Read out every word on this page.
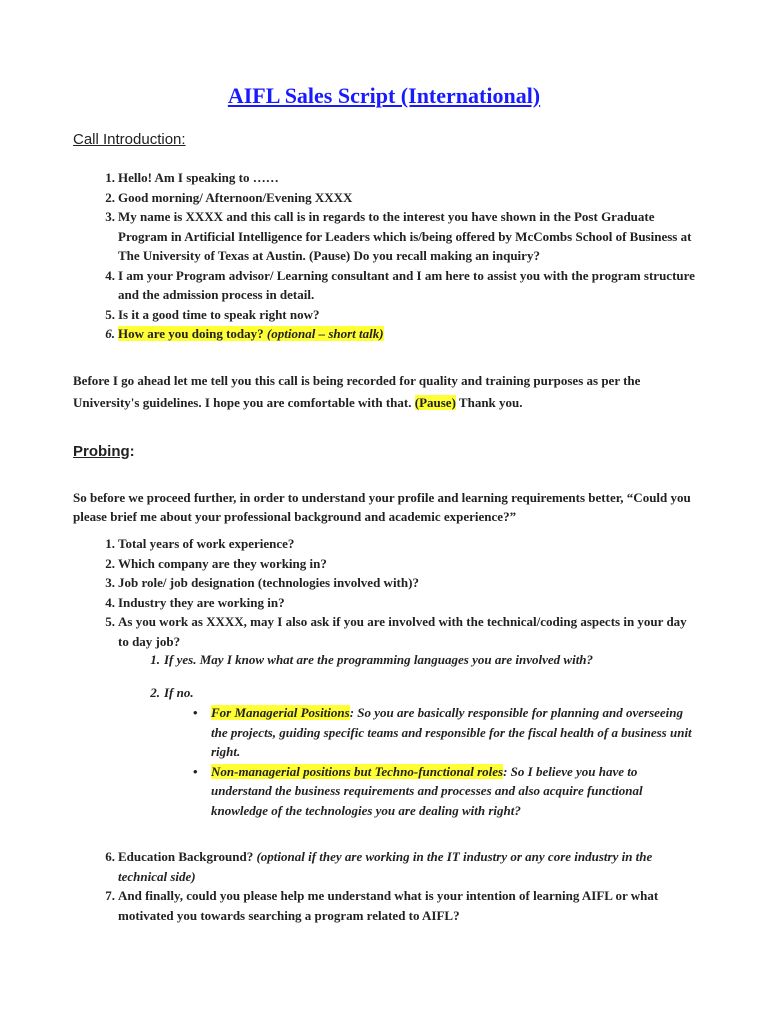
AIFL Sales Script (International)
Call Introduction:
1. Hello! Am I speaking to ……
2. Good morning/ Afternoon/Evening XXXX
3. My name is XXXX and this call is in regards to the interest you have shown in the Post Graduate Program in Artificial Intelligence for Leaders which is/being offered by McCombs School of Business at The University of Texas at Austin. (Pause) Do you recall making an inquiry?
4. I am your Program advisor/ Learning consultant and I am here to assist you with the program structure and the admission process in detail.
5. Is it a good time to speak right now?
6. How are you doing today? (optional – short talk)
Before I go ahead let me tell you this call is being recorded for quality and training purposes as per the University's guidelines. I hope you are comfortable with that. (Pause) Thank you.
Probing:
So before we proceed further, in order to understand your profile and learning requirements better, “Could you please brief me about your professional background and academic experience?”
1. Total years of work experience?
2. Which company are they working in?
3. Job role/ job designation (technologies involved with)?
4. Industry they are working in?
5. As you work as XXXX, may I also ask if you are involved with the technical/coding aspects in your day to day job?
1. If yes. May I know what are the programming languages you are involved with?
2. If no.
• For Managerial Positions: So you are basically responsible for planning and overseeing the projects, guiding specific teams and responsible for the fiscal health of a business unit right.
• Non-managerial positions but Techno-functional roles: So I believe you have to understand the business requirements and processes and also acquire functional knowledge of the technologies you are dealing with right?
6. Education Background? (optional if they are working in the IT industry or any core industry in the technical side)
7. And finally, could you please help me understand what is your intention of learning AIFL or what motivated you towards searching a program related to AIFL?
